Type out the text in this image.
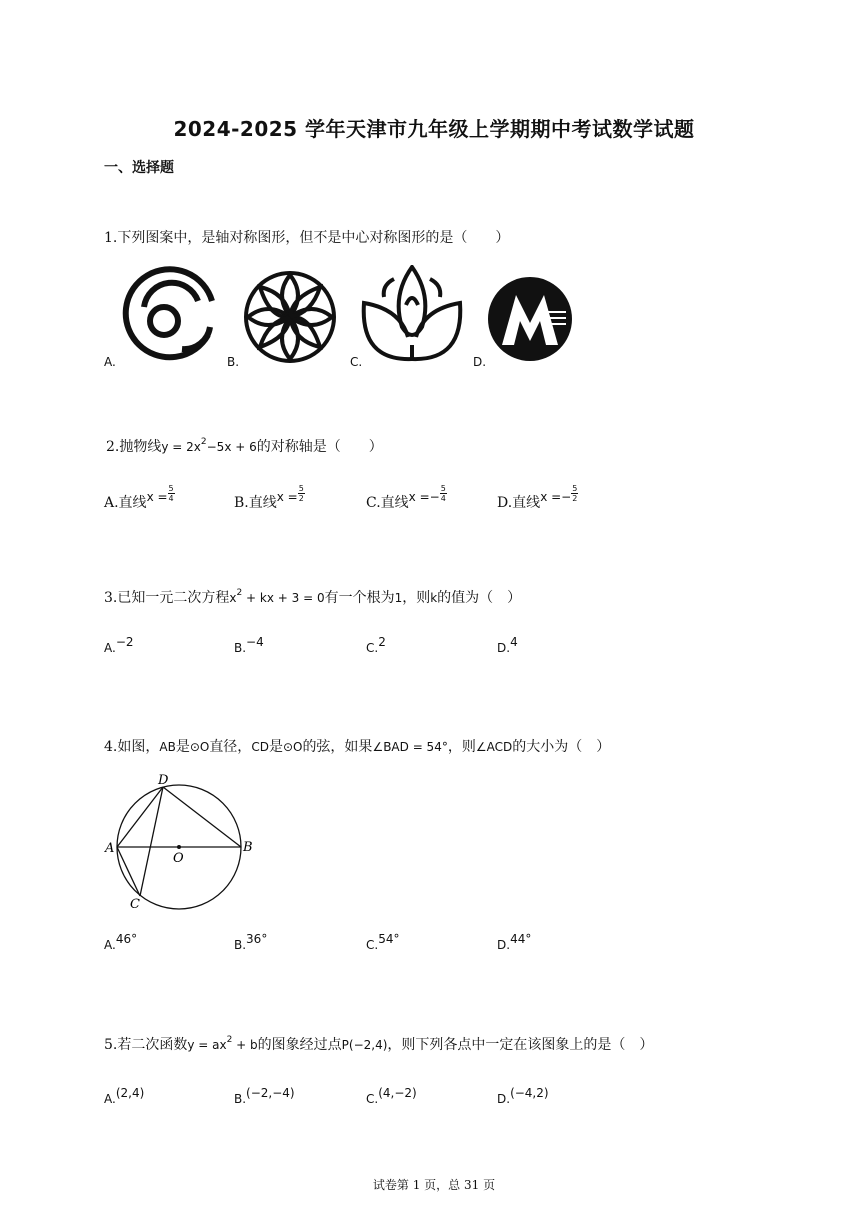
2024-2025 学年天津市九年级上学期期中考试数学试题
一、选择题
1.下列图案中，是轴对称图形，但不是中心对称图形的是（　　）
A.	B.	C.	D.
2.抛物线$y = 2x^2-5x + 6$的对称轴是（　　）
A.直线$x = \frac{5}{4}$
B.直线$x = \frac{5}{2}$
C.直线$x =- \frac{5}{4}$
D.直线$x =- \frac{5}{2}$
3.已知一元二次方程$x^2$ + kx + 3 = 0有一个根为1，则k的值为（　）
A.−2	B.−4	C.2	D.4
4.如图，AB是⊙O直径，CD是⊙O的弦，如果∠BAD = 54°，则∠ACD的大小为（　）
A	B
C
D
O
A.46°	B.36°	C.54°	D.44°
5.若二次函数$y = ax^2 + b$的图象经过点P(−2,4)，则下列各点中一定在该图象上的是（　）
A.(2,4)	B.(−2,−4)	C.(4,−2)	D.(−4,2)
试卷第 1 页，总 31 页
